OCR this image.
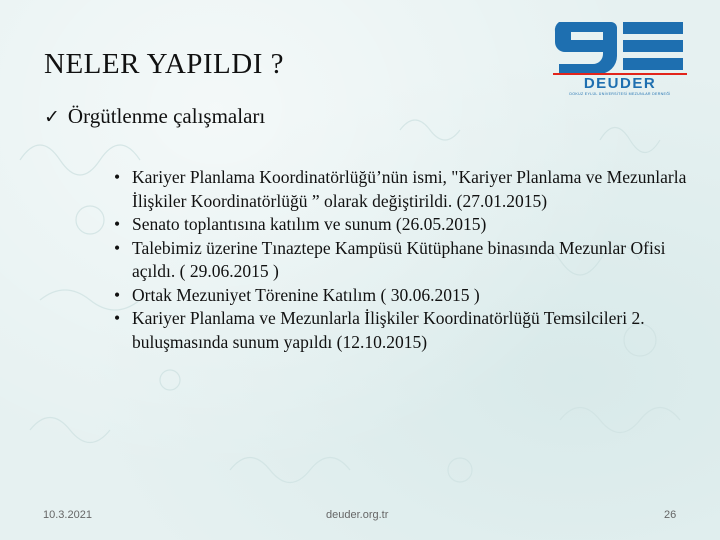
NELER YAPILDI ?
✓ Örgütlenme çalışmaları
DEUDER
DOKUZ EYLÜL ÜNİVERSİTESİ MEZUNLAR DERNEĞİ
• Kariyer Planlama Koordinatörlüğü’nün ismi, "Kariyer Planlama ve Mezunlarla İlişkiler Koordinatörlüğü ” olarak değiştirildi. (27.01.2015)
• Senato toplantısına katılım ve sunum (26.05.2015)
• Talebimiz üzerine Tınaztepe Kampüsü Kütüphane binasında Mezunlar Ofisi açıldı. ( 29.06.2015 )
• Ortak Mezuniyet Törenine Katılım ( 30.06.2015 )
• Kariyer Planlama ve Mezunlarla İlişkiler Koordinatörlüğü Temsilcileri 2. buluşmasında sunum yapıldı (12.10.2015)
10.3.2021	deuder.org.tr	26
